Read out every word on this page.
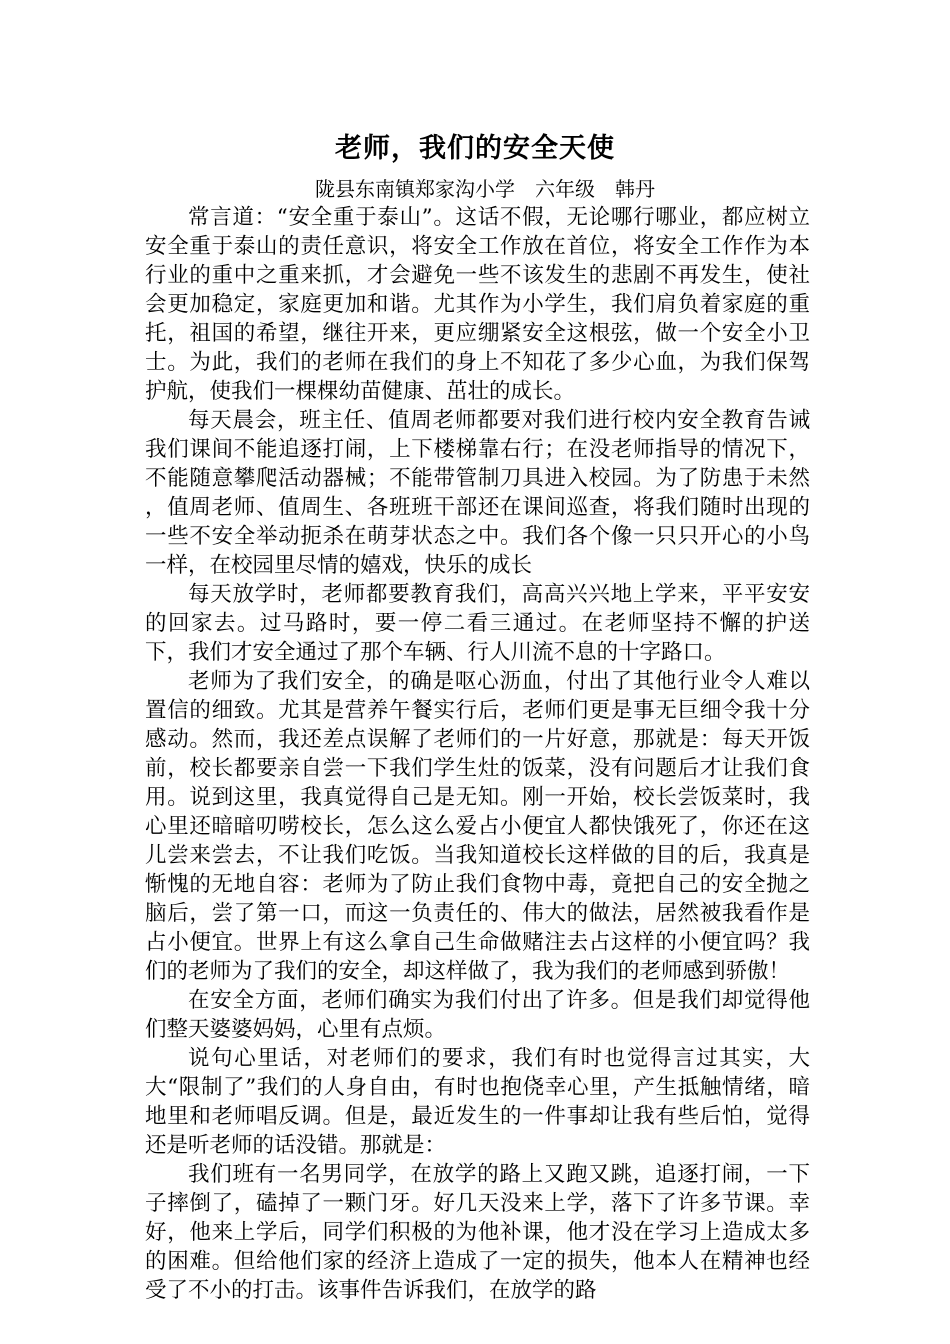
老师，我们的安全天使
陇县东南镇郑家沟小学　六年级　韩丹

常言道：“安全重于泰山”。这话不假，无论哪行哪业，都应树立安全重于泰山的责任意识，将安全工作放在首位，将安全工作作为本行业的重中之重来抓，才会避免一些不该发生的悲剧不再发生，使社会更加稳定，家庭更加和谐。尤其作为小学生，我们肩负着家庭的重托，祖国的希望，继往开来，更应绷紧安全这根弦，做一个安全小卫士。为此，我们的老师在我们的身上不知花了多少心血，为我们保驾护航，使我们一棵棵幼苗健康、茁壮的成长。

每天晨会，班主任、值周老师都要对我们进行校内安全教育告诫我们课间不能追逐打闹，上下楼梯靠右行；在没老师指导的情况下，不能随意攀爬活动器械；不能带管制刀具进入校园。为了防患于未然 ，值周老师、值周生、各班班干部还在课间巡查，将我们随时出现的一些不安全举动扼杀在萌芽状态之中。我们各个像一只只开心的小鸟一样，在校园里尽情的嬉戏，快乐的成长

每天放学时，老师都要教育我们，高高兴兴地上学来，平平安安的回家去。过马路时，要一停二看三通过。在老师坚持不懈的护送下，我们才安全通过了那个车辆、行人川流不息的十字路口。

老师为了我们安全，的确是呕心沥血，付出了其他行业令人难以置信的细致。尤其是营养午餐实行后，老师们更是事无巨细令我十分感动。然而，我还差点误解了老师们的一片好意，那就是：每天开饭前，校长都要亲自尝一下我们学生灶的饭菜，没有问题后才让我们食用。说到这里，我真觉得自己是无知。刚一开始，校长尝饭菜时，我心里还暗暗叨唠校长，怎么这么爱占小便宜人都快饿死了，你还在这儿尝来尝去，不让我们吃饭。当我知道校长这样做的目的后，我真是惭愧的无地自容：老师为了防止我们食物中毒，竟把自己的安全抛之脑后，尝了第一口，而这一负责任的、伟大的做法，居然被我看作是占小便宜。世界上有这么拿自己生命做赌注去占这样的小便宜吗？我们的老师为了我们的安全，却这样做了，我为我们的老师感到骄傲！

在安全方面，老师们确实为我们付出了许多。但是我们却觉得他们整天婆婆妈妈，心里有点烦。

说句心里话，对老师们的要求，我们有时也觉得言过其实，大大“限制了”我们的人身自由，有时也抱侥幸心里，产生抵触情绪，暗地里和老师唱反调。但是，最近发生的一件事却让我有些后怕，觉得还是听老师的话没错。那就是：

我们班有一名男同学，在放学的路上又跑又跳，追逐打闹，一下子摔倒了，磕掉了一颗门牙。好几天没来上学，落下了许多节课。幸好，他来上学后，同学们积极的为他补课，他才没在学习上造成太多的困难。但给他们家的经济上造成了一定的损失，他本人在精神也经受了不小的打击。该事件告诉我们，在放学的路
